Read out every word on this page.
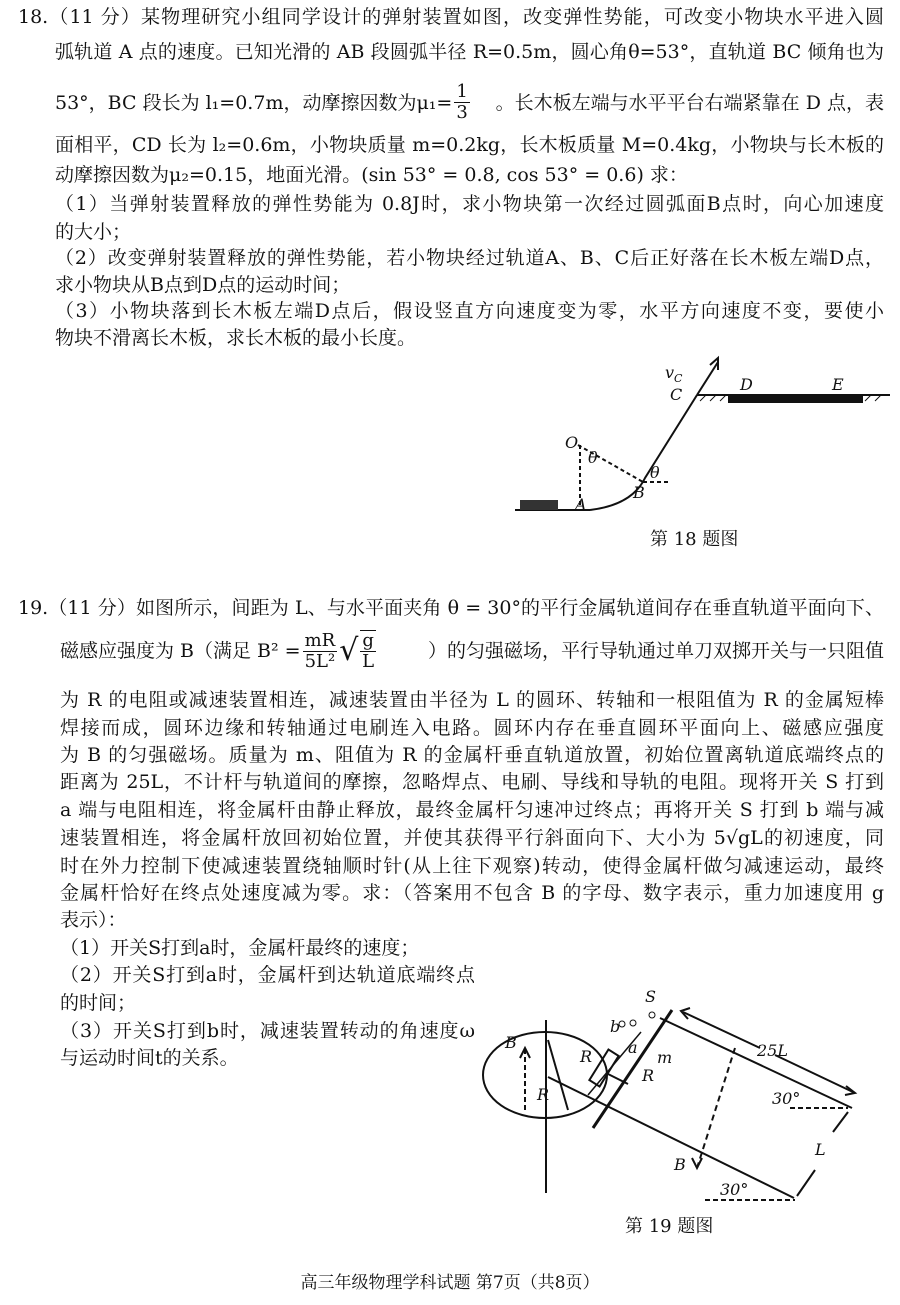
18.（11 分）某物理研究小组同学设计的弹射装置如图，改变弹性势能，可改变小物块水平进入圆
弧轨道 A 点的速度。已知光滑的 AB 段圆弧半径 R=0.5m，圆心角θ=53°，直轨道 BC 倾角也为
53°，BC 段长为 l₁=0.7m，动摩擦因数为$\mu_1= \frac{1}{3}$ 。长木板左端与水平平台右端紧靠在 D 点，表
面相平，CD 长为 l₂=0.6m，小物块质量 m=0.2kg，长木板质量 M=0.4kg，小物块与长木板的
动摩擦因数为μ₂=0.15，地面光滑。(sin 53° = 0.8, cos 53° = 0.6) 求：
（1）当弹射装置释放的弹性势能为 0.8J时，求小物块第一次经过圆弧面B点时，向心加速度
的大小；
（2）改变弹射装置释放的弹性势能，若小物块经过轨道A、B、C后正好落在长木板左端D点，
求小物块从B点到D点的运动时间；
（3）小物块落到长木板左端D点后，假设竖直方向速度变为零，水平方向速度不变，要使小
物块不滑离长木板，求长木板的最小长度。
$v_C$
C
D	E
O
θ
θ
A
B
B
R
b
S
a
R	m
R
25L
30°
L
B
30°
第 18 题图
19.（11 分）如图所示，间距为 L、与水平面夹角 θ = 30°的平行金属轨道间存在垂直轨道平面向下、
磁感应强度为 B（满足 $B^2 = \frac{mR}{\text{5L²}}$ √ $\frac{g}{L}$	）的匀强磁场，平行导轨通过单刀双掷开关与一只阻值
为 R 的电阻或减速装置相连，减速装置由半径为 L 的圆环、转轴和一根阻值为 R 的金属短棒
焊接而成，圆环边缘和转轴通过电刷连入电路。圆环内存在垂直圆环平面向上、磁感应强度
为 B 的匀强磁场。质量为 m、阻值为 R 的金属杆垂直轨道放置，初始位置离轨道底端终点的
距离为 25L，不计杆与轨道间的摩擦，忽略焊点、电刷、导线和导轨的电阻。现将开关 S 打到
a 端与电阻相连，将金属杆由静止释放，最终金属杆匀速冲过终点；再将开关 S 打到 b 端与减
速装置相连，将金属杆放回初始位置，并使其获得平行斜面向下、大小为 5√gL的初速度，同
时在外力控制下使减速装置绕轴顺时针(从上往下观察)转动，使得金属杆做匀减速运动，最终
金属杆恰好在终点处速度减为零。求：（答案用不包含 B 的字母、数字表示，重力加速度用 g
表示）：
（1）开关S打到a时，金属杆最终的速度；
（2）开关S打到a时，金属杆到达轨道底端终点
的时间；
（3）开关S打到b时，减速装置转动的角速度ω
与运动时间t的关系。
第 19 题图
高三年级物理学科试题 第7页（共8页）
